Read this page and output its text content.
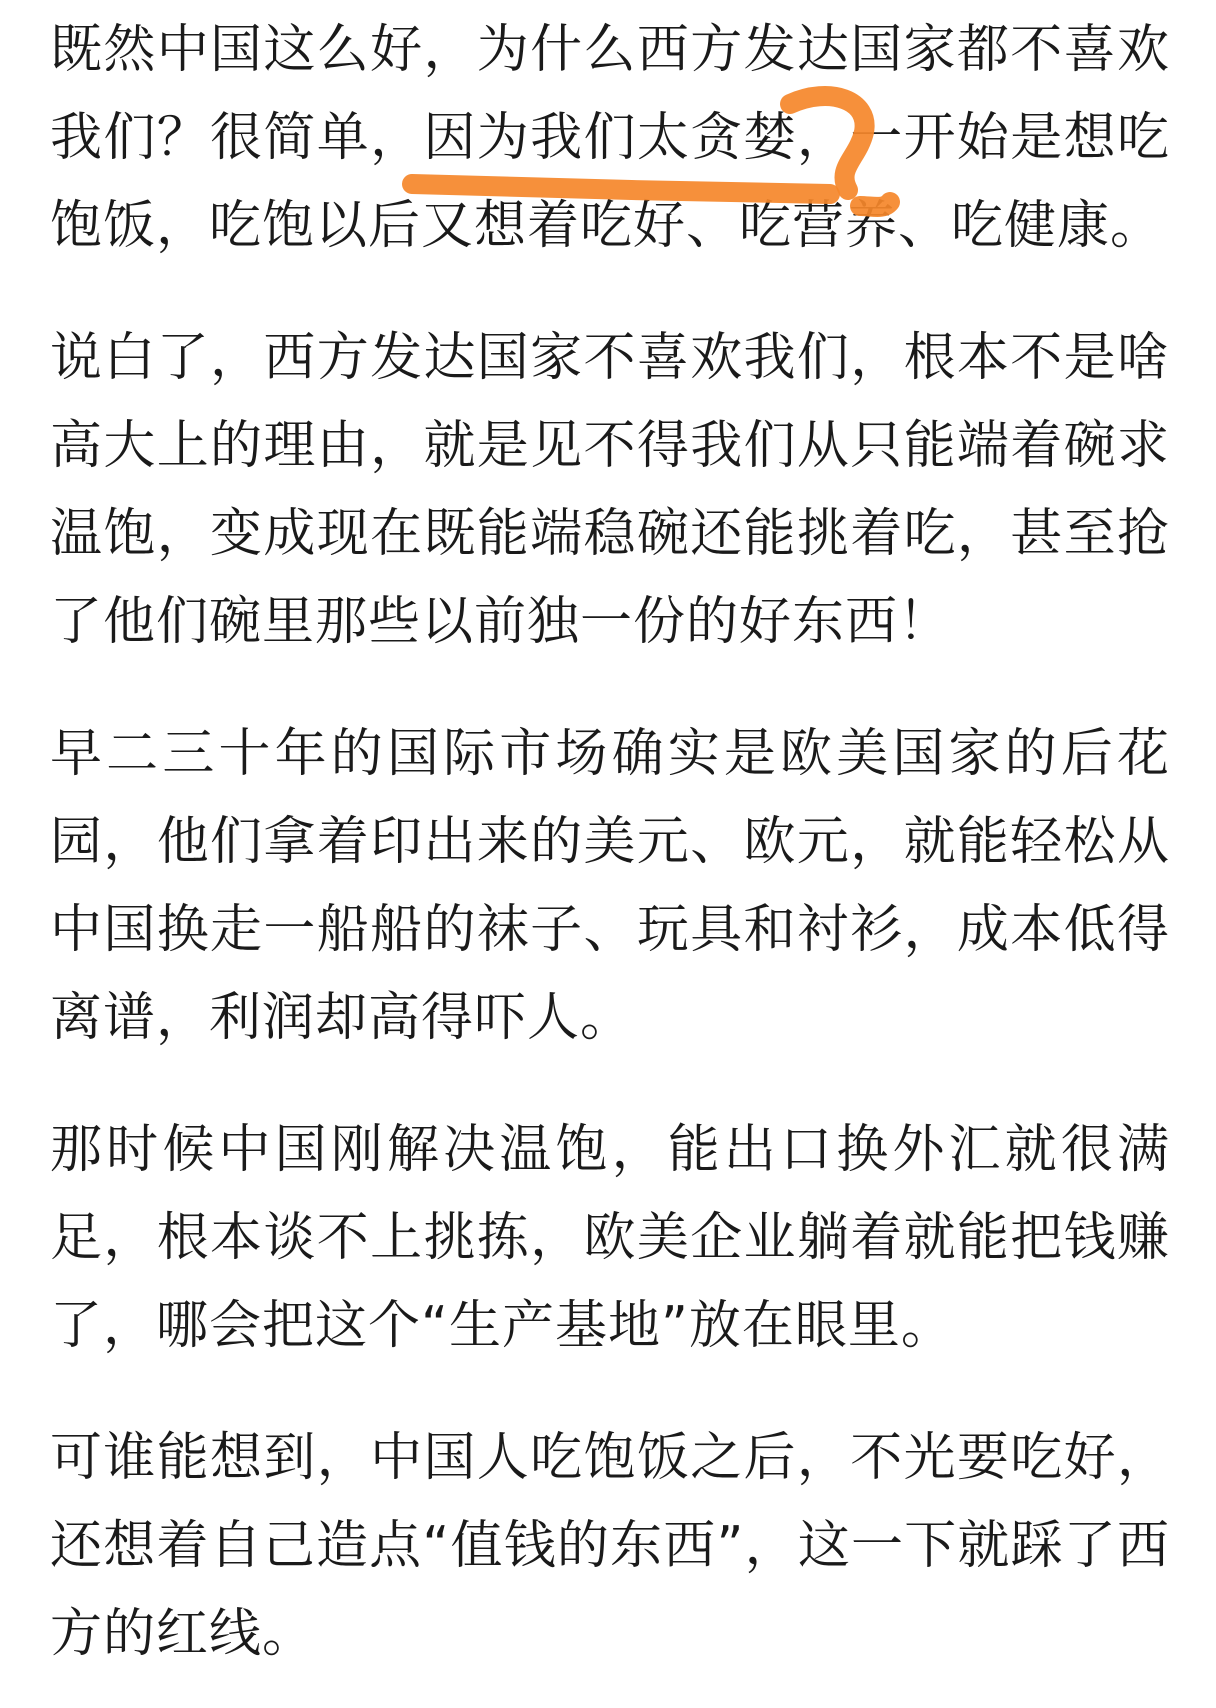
既然中国这么好，为什么西方发达国家都不喜欢我们？很简单，因为我们太贪婪，一开始是想吃饱饭，吃饱以后又想着吃好、吃营养、吃健康。

说白了，西方发达国家不喜欢我们，根本不是啥高大上的理由，就是见不得我们从只能端着碗求温饱，变成现在既能端稳碗还能挑着吃，甚至抢了他们碗里那些以前独一份的好东西！

早二三十年的国际市场确实是欧美国家的后花园，他们拿着印出来的美元、欧元，就能轻松从中国换走一船船的袜子、玩具和衬衫，成本低得离谱，利润却高得吓人。

那时候中国刚解决温饱，能出口换外汇就很满足，根本谈不上挑拣，欧美企业躺着就能把钱赚了，哪会把这个“生产基地”放在眼里。

可谁能想到，中国人吃饱饭之后，不光要吃好，还想着自己造点“值钱的东西”，这一下就踩了西方的红线。
